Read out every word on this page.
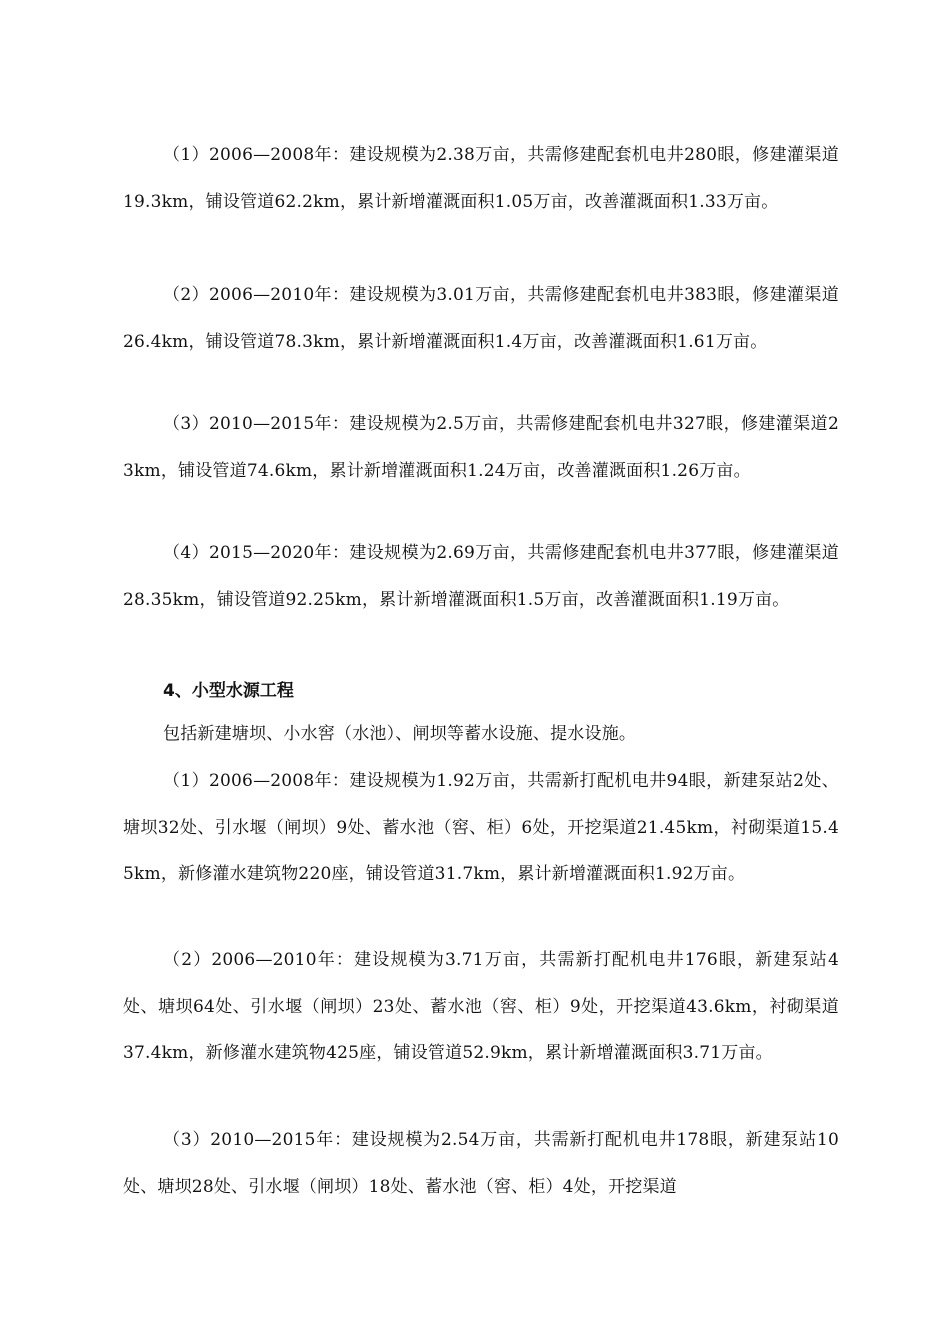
（1）2006—2008年：建设规模为2.38万亩，共需修建配套机电井280眼，修建灌渠道19.3km，铺设管道62.2km，累计新增灌溉面积1.05万亩，改善灌溉面积1.33万亩。

（2）2006—2010年：建设规模为3.01万亩，共需修建配套机电井383眼，修建灌渠道26.4km，铺设管道78.3km，累计新增灌溉面积1.4万亩，改善灌溉面积1.61万亩。

（3）2010—2015年：建设规模为2.5万亩，共需修建配套机电井327眼，修建灌渠道23km，铺设管道74.6km，累计新增灌溉面积1.24万亩，改善灌溉面积1.26万亩。

（4）2015—2020年：建设规模为2.69万亩，共需修建配套机电井377眼，修建灌渠道28.35km，铺设管道92.25km，累计新增灌溉面积1.5万亩，改善灌溉面积1.19万亩。

4、小型水源工程

包括新建塘坝、小水窖（水池）、闸坝等蓄水设施、提水设施。

（1）2006—2008年：建设规模为1.92万亩，共需新打配机电井94眼，新建泵站2处、塘坝32处、引水堰（闸坝）9处、蓄水池（窖、柜）6处，开挖渠道21.45km，衬砌渠道15.45km，新修灌水建筑物220座，铺设管道31.7km，累计新增灌溉面积1.92万亩。

（2）2006—2010年：建设规模为3.71万亩，共需新打配机电井176眼，新建泵站4处、塘坝64处、引水堰（闸坝）23处、蓄水池（窖、柜）9处，开挖渠道43.6km，衬砌渠道37.4km，新修灌水建筑物425座，铺设管道52.9km，累计新增灌溉面积3.71万亩。

（3）2010—2015年：建设规模为2.54万亩，共需新打配机电井178眼，新建泵站10处、塘坝28处、引水堰（闸坝）18处、蓄水池（窖、柜）4处，开挖渠道
